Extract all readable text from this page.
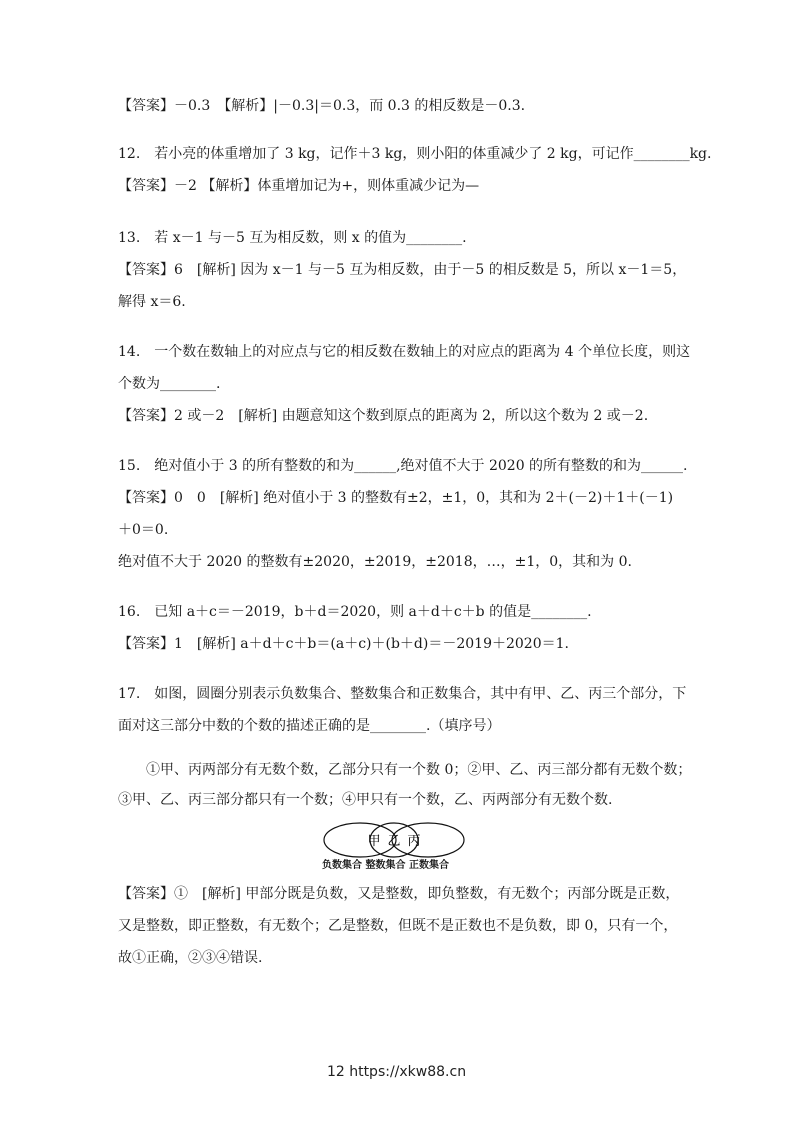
【答案】－0.3　【解析】|－0.3|＝0.3，而 0.3 的相反数是－0.3.
12.　若小亮的体重增加了 3 kg，记作＋3 kg，则小阳的体重减少了 2 kg，可记作________kg.
【答案】－2 【解析】体重增加记为+，则体重减少记为—
13.　若 x－1 与－5 互为相反数，则 x 的值为________.
【答案】6　[解析] 因为 x－1 与－5 互为相反数，由于－5 的相反数是 5，所以 x－1＝5，
解得 x＝6.
14.　一个数在数轴上的对应点与它的相反数在数轴上的对应点的距离为 4 个单位长度，则这
个数为________.
【答案】2 或－2　[解析] 由题意知这个数到原点的距离为 2，所以这个数为 2 或－2.
15.　绝对值小于 3 的所有整数的和为______,绝对值不大于 2020 的所有整数的和为______.
【答案】0　0　[解析] 绝对值小于 3 的整数有±2，±1，0，其和为 2＋(－2)＋1＋(－1)
＋0＝0.
绝对值不大于 2020 的整数有±2020，±2019，±2018，…，±1，0，其和为 0.
16.　已知 a＋c＝－2019，b＋d＝2020，则 a＋d＋c＋b 的值是________.
【答案】1　[解析] a＋d＋c＋b＝(a＋c)＋(b＋d)＝－2019＋2020＝1.
17.　如图，圆圈分别表示负数集合、整数集合和正数集合，其中有甲、乙、丙三个部分，下
面对这三部分中数的个数的描述正确的是________.（填序号）
①甲、丙两部分有无数个数，乙部分只有一个数 0；②甲、乙、丙三部分都有无数个数；
③甲、乙、丙三部分都只有一个数；④甲只有一个数，乙、丙两部分有无数个数.
甲 乙 丙
负数集合 整数集合 正数集合
【答案】①　[解析] 甲部分既是负数，又是整数，即负整数，有无数个；丙部分既是正数，
又是整数，即正整数，有无数个；乙是整数，但既不是正数也不是负数，即 0，只有一个，
故①正确，②③④错误.
12 https://xkw88.cn
